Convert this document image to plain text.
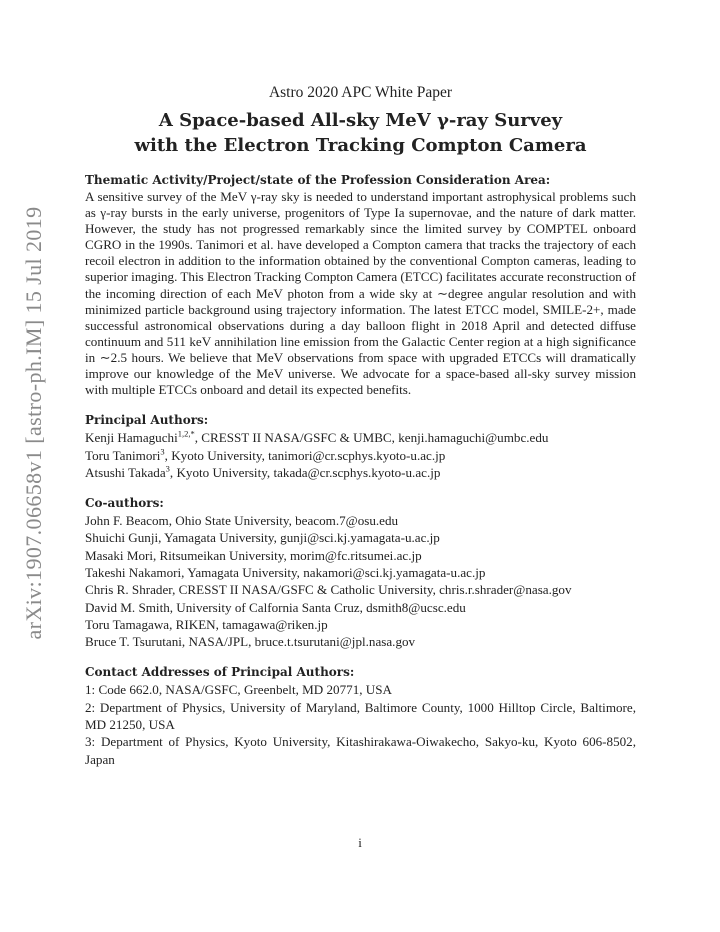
arXiv:1907.06658v1 [astro-ph.IM] 15 Jul 2019
Astro 2020 APC White Paper
A Space-based All-sky MeV γ-ray Survey
with the Electron Tracking Compton Camera
Thematic Activity/Project/state of the Profession Consideration Area:

A sensitive survey of the MeV γ-ray sky is needed to understand important astrophysical problems such as γ-ray bursts in the early universe, progenitors of Type Ia supernovae, and the nature of dark matter. However, the study has not progressed remarkably since the limited survey by COMPTEL onboard CGRO in the 1990s. Tanimori et al. have developed a Compton camera that tracks the trajectory of each recoil electron in addition to the information obtained by the conventional Compton cameras, leading to superior imaging. This Electron Tracking Compton Camera (ETCC) facilitates accurate reconstruction of the incoming direction of each MeV photon from a wide sky at ∼degree angular resolution and with minimized particle background using trajectory information. The latest ETCC model, SMILE-2+, made successful astronomical observations during a day balloon flight in 2018 April and detected diffuse continuum and 511 keV annihilation line emission from the Galactic Center region at a high significance in ∼2.5 hours. We believe that MeV observations from space with upgraded ETCCs will dramatically improve our knowledge of the MeV universe. We advocate for a space-based all-sky survey mission with multiple ETCCs onboard and detail its expected benefits.

Principal Authors:
Kenji Hamaguchi$^{1,2,*}$, CRESST II NASA/GSFC & UMBC, kenji.hamaguchi@umbc.edu
Toru Tanimori$^3$, Kyoto University, tanimori@cr.scphys.kyoto-u.ac.jp
Atsushi Takada$^3$, Kyoto University, takada@cr.scphys.kyoto-u.ac.jp
Co-authors:
John F. Beacom, Ohio State University, beacom.7@osu.edu
Shuichi Gunji, Yamagata University, gunji@sci.kj.yamagata-u.ac.jp
Masaki Mori, Ritsumeikan University, morim@fc.ritsumei.ac.jp
Takeshi Nakamori, Yamagata University, nakamori@sci.kj.yamagata-u.ac.jp
Chris R. Shrader, CRESST II NASA/GSFC & Catholic University, chris.r.shrader@nasa.gov
David M. Smith, University of Calfornia Santa Cruz, dsmith8@ucsc.edu
Toru Tamagawa, RIKEN, tamagawa@riken.jp
Bruce T. Tsurutani, NASA/JPL, bruce.t.tsurutani@jpl.nasa.gov
Contact Addresses of Principal Authors:
1: Code 662.0, NASA/GSFC, Greenbelt, MD 20771, USA
2: Department of Physics, University of Maryland, Baltimore County, 1000 Hilltop Circle, Baltimore, MD 21250, USA
3: Department of Physics, Kyoto University, Kitashirakawa-Oiwakecho, Sakyo-ku, Kyoto 606-8502, Japan
i
